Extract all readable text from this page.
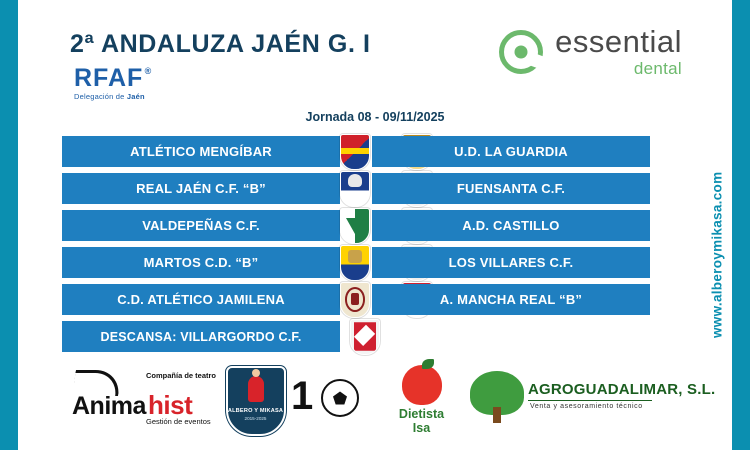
www.alberoymikasa.com
2ª ANDALUZA JAÉN G. I
RFAF ®
Delegación de Jaén
essential
dental
Jornada 08 - 09/11/2025
ATLÉTICO MENGÍBAR	U.D. LA GUARDIA
REAL JAÉN C.F. “B”	FUENSANTA C.F.
VALDEPEÑAS C.F.	A.D. CASTILLO
MARTOS C.D. “B”	LOS VILLARES C.F.
C.D. ATLÉTICO JAMILENA	A. MANCHA REAL “B”
DESCANSA: VILLARGORDO C.F.
Compañía de teatro
Anima hist
Gestión de eventos
ALBERO Y MIKASA
2015-2025
1	Dietista
Isa
AGROGUADALIMAR, S.L.
Venta y asesoramiento técnico
